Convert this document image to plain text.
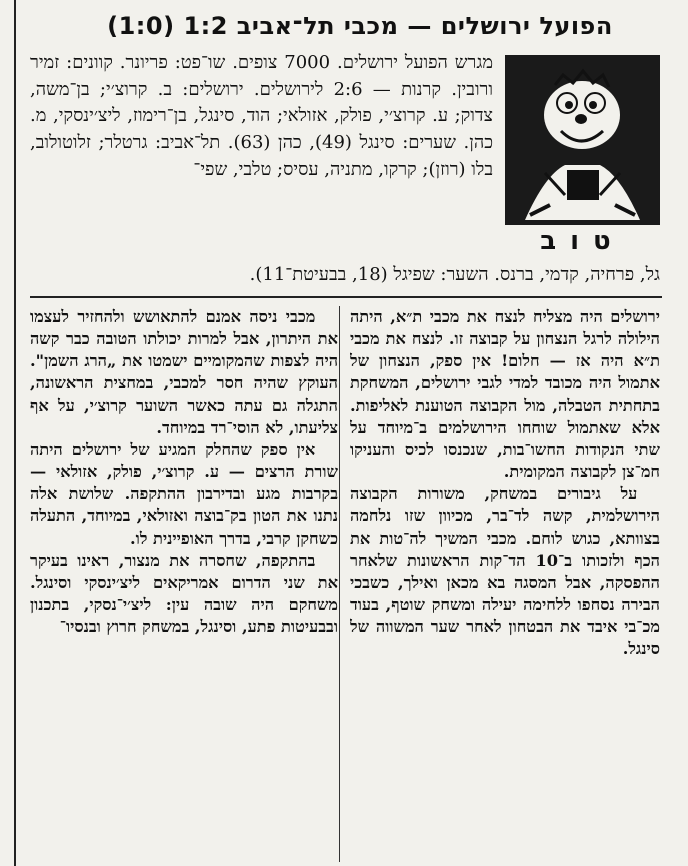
הפועל ירושלים — מכבי תל־אביב 1:2 (1:0)
טוב

מגרש הפועל ירושלים. 7000 צופים. שו־פט: פריונר. קוונים: זמיר ורובין. קרנות — 2:6 לירושלים. ירושלים: ב. קרוצ׳י; בן־משה, צדוק; ע. קרוצ׳י, פולק, אזולאי; הוד, סינגל, בן־רימוז, ליצ׳ינסקי, מ. כהן. שערים: סינגל (49), כהן (63). תל־אביב: גרטלר; זלוטולוב, בלו (רוזן); קרקו, מתניה, עסיס; טלבי, שפי־

גל, פרחיה, קדמי, ברנס. השער: שפיגל (18, בבעיטת־11).

ירושלים היה מצליח לנצח את מכבי ת״א, היתה הילולה לרגל הנצחון על קבוצה זו. לנצח את מכבי ת״א היה אז — חלום! אין ספק, הנצחון של אתמול היה מכובד למדי לגבי ירושלים, המשחקת בתחתית הטבלה, מול הקבוצה הטוענת לאליפות. אלא שאתמול שוחחו הירושלמים ב־מיוחד על שתי הנקודות החשו־בות, שנכנסו לכיס והעניקו חמ־צן לקבוצה המקומית.

על גיבורים במשחק, משורות הקבוצה הירושלמית, קשה לד־בר, מכיוון שזו נלחמה בצוותא, כגוש לוחם. מכבי המשיך לה־טות את הכף ולזכותו ב־10 הד־קות הראשונות שלאחר ההפסקה, אבל המסגה בא מכאן ואילך, כשבכי הבירה נסחפו ללחימה יעילה ומשחק שוטף, בעוד מכ־בי איבד את הבטחון לאחר שער המשווה של סינגל.

מכבי ניסה אמנם להתאושש ולהחזיר לעצמו את היתרון, אבל למרות יכולתו הטובה כבר קשה היה לצפות שהמקומיים ישמטו את „הרג השמן". העוקץ שהיה חסר למכבי, במחצית הראשונה, התגלה גם עתה כאשר השוער קרוצ׳י, על אף צליעתו, לא הוסי־רד במיוחד.

אין ספק שהחלק המגיע של ירושלים היתה שורת הרצים — ע. קרוצ׳י, פולק, אזולאי — בקרבות מגע ובדירבון ההתקפה. שלושת אלה נתנו את הטון בק־בוצה ואזולאי, במיוחד, התעלה כשחקן קרבי, בדרך האופיינית לו.

בהתקפה, שחסרה את מנצור, ראינו בעיקר את שני הדרום אמריקאים ליצ׳ינסקי וסינגל. משחקם היה שובה עין: ליצ׳י־נסקי, בתכנון ובבעיטות פתע, וסינגל, במשחק חרוץ ובנסיו־
